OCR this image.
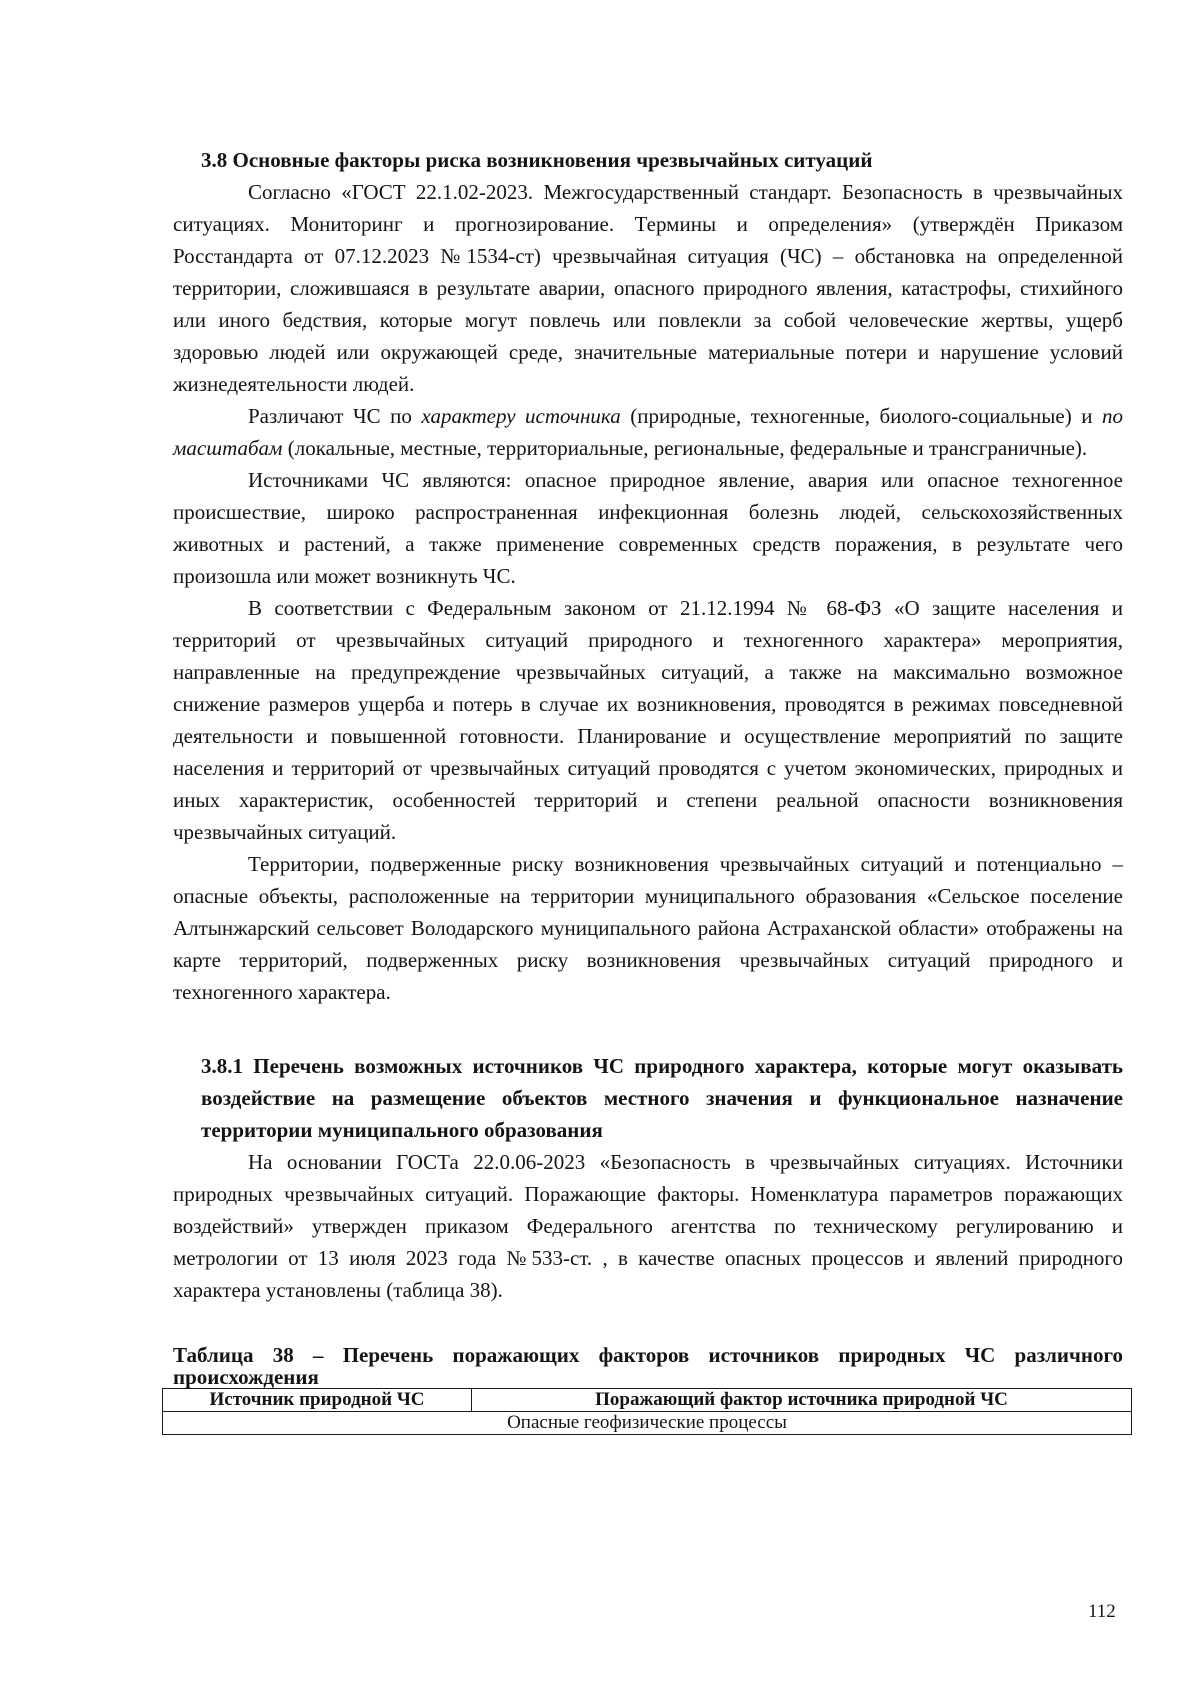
3.8 Основные факторы риска возникновения чрезвычайных ситуаций

Согласно «ГОСТ 22.1.02-2023. Межгосударственный стандарт. Безопасность в чрезвычайных ситуациях. Мониторинг и прогнозирование. Термины и определения» (утверждён Приказом Росстандарта от 07.12.2023 №1534-ст) чрезвычайная ситуация (ЧС) – обстановка на определенной территории, сложившаяся в результате аварии, опасного природного явления, катастрофы, стихийного или иного бедствия, которые могут повлечь или повлекли за собой человеческие жертвы, ущерб здоровью людей или окружающей среде, значительные материальные потери и нарушение условий жизнедеятельности людей.

Различают ЧС по характеру источника (природные, техногенные, биолого-социальные) и по масштабам (локальные, местные, территориальные, региональные, федеральные и трансграничные).

Источниками ЧС являются: опасное природное явление, авария или опасное техногенное происшествие, широко распространенная инфекционная болезнь людей, сельскохозяйственных животных и растений, а также применение современных средств поражения, в результате чего произошла или может возникнуть ЧС.

В соответствии с Федеральным законом от 21.12.1994 № 68-ФЗ «О защите населения и территорий от чрезвычайных ситуаций природного и техногенного характера» мероприятия, направленные на предупреждение чрезвычайных ситуаций, а также на максимально возможное снижение размеров ущерба и потерь в случае их возникновения, проводятся в режимах повседневной деятельности и повышенной готовности. Планирование и осуществление мероприятий по защите населения и территорий от чрезвычайных ситуаций проводятся с учетом экономических, природных и иных характеристик, особенностей территорий и степени реальной опасности возникновения чрезвычайных ситуаций.

Территории, подверженные риску возникновения чрезвычайных ситуаций и потенциально – опасные объекты, расположенные на территории муниципального образования «Сельское поселение Алтынжарский сельсовет Володарского муниципального района Астраханской области» отображены на карте территорий, подверженных риску возникновения чрезвычайных ситуаций природного и техногенного характера.

3.8.1 Перечень возможных источников ЧС природного характера, которые могут оказывать воздействие на размещение объектов местного значения и функциональное назначение территории муниципального образования

На основании ГОСТа 22.0.06-2023 «Безопасность в чрезвычайных ситуациях. Источники природных чрезвычайных ситуаций. Поражающие факторы. Номенклатура параметров поражающих воздействий» утвержден приказом Федерального агентства по техническому регулированию и метрологии от 13 июля 2023 года №533-ст. , в качестве опасных процессов и явлений природного характера установлены (таблица 38).

Таблица 38 – Перечень поражающих факторов источников природных ЧС различного происхождения

Источник природной ЧС	Поражающий фактор источника природной ЧС
Опасные геофизические процессы
112
